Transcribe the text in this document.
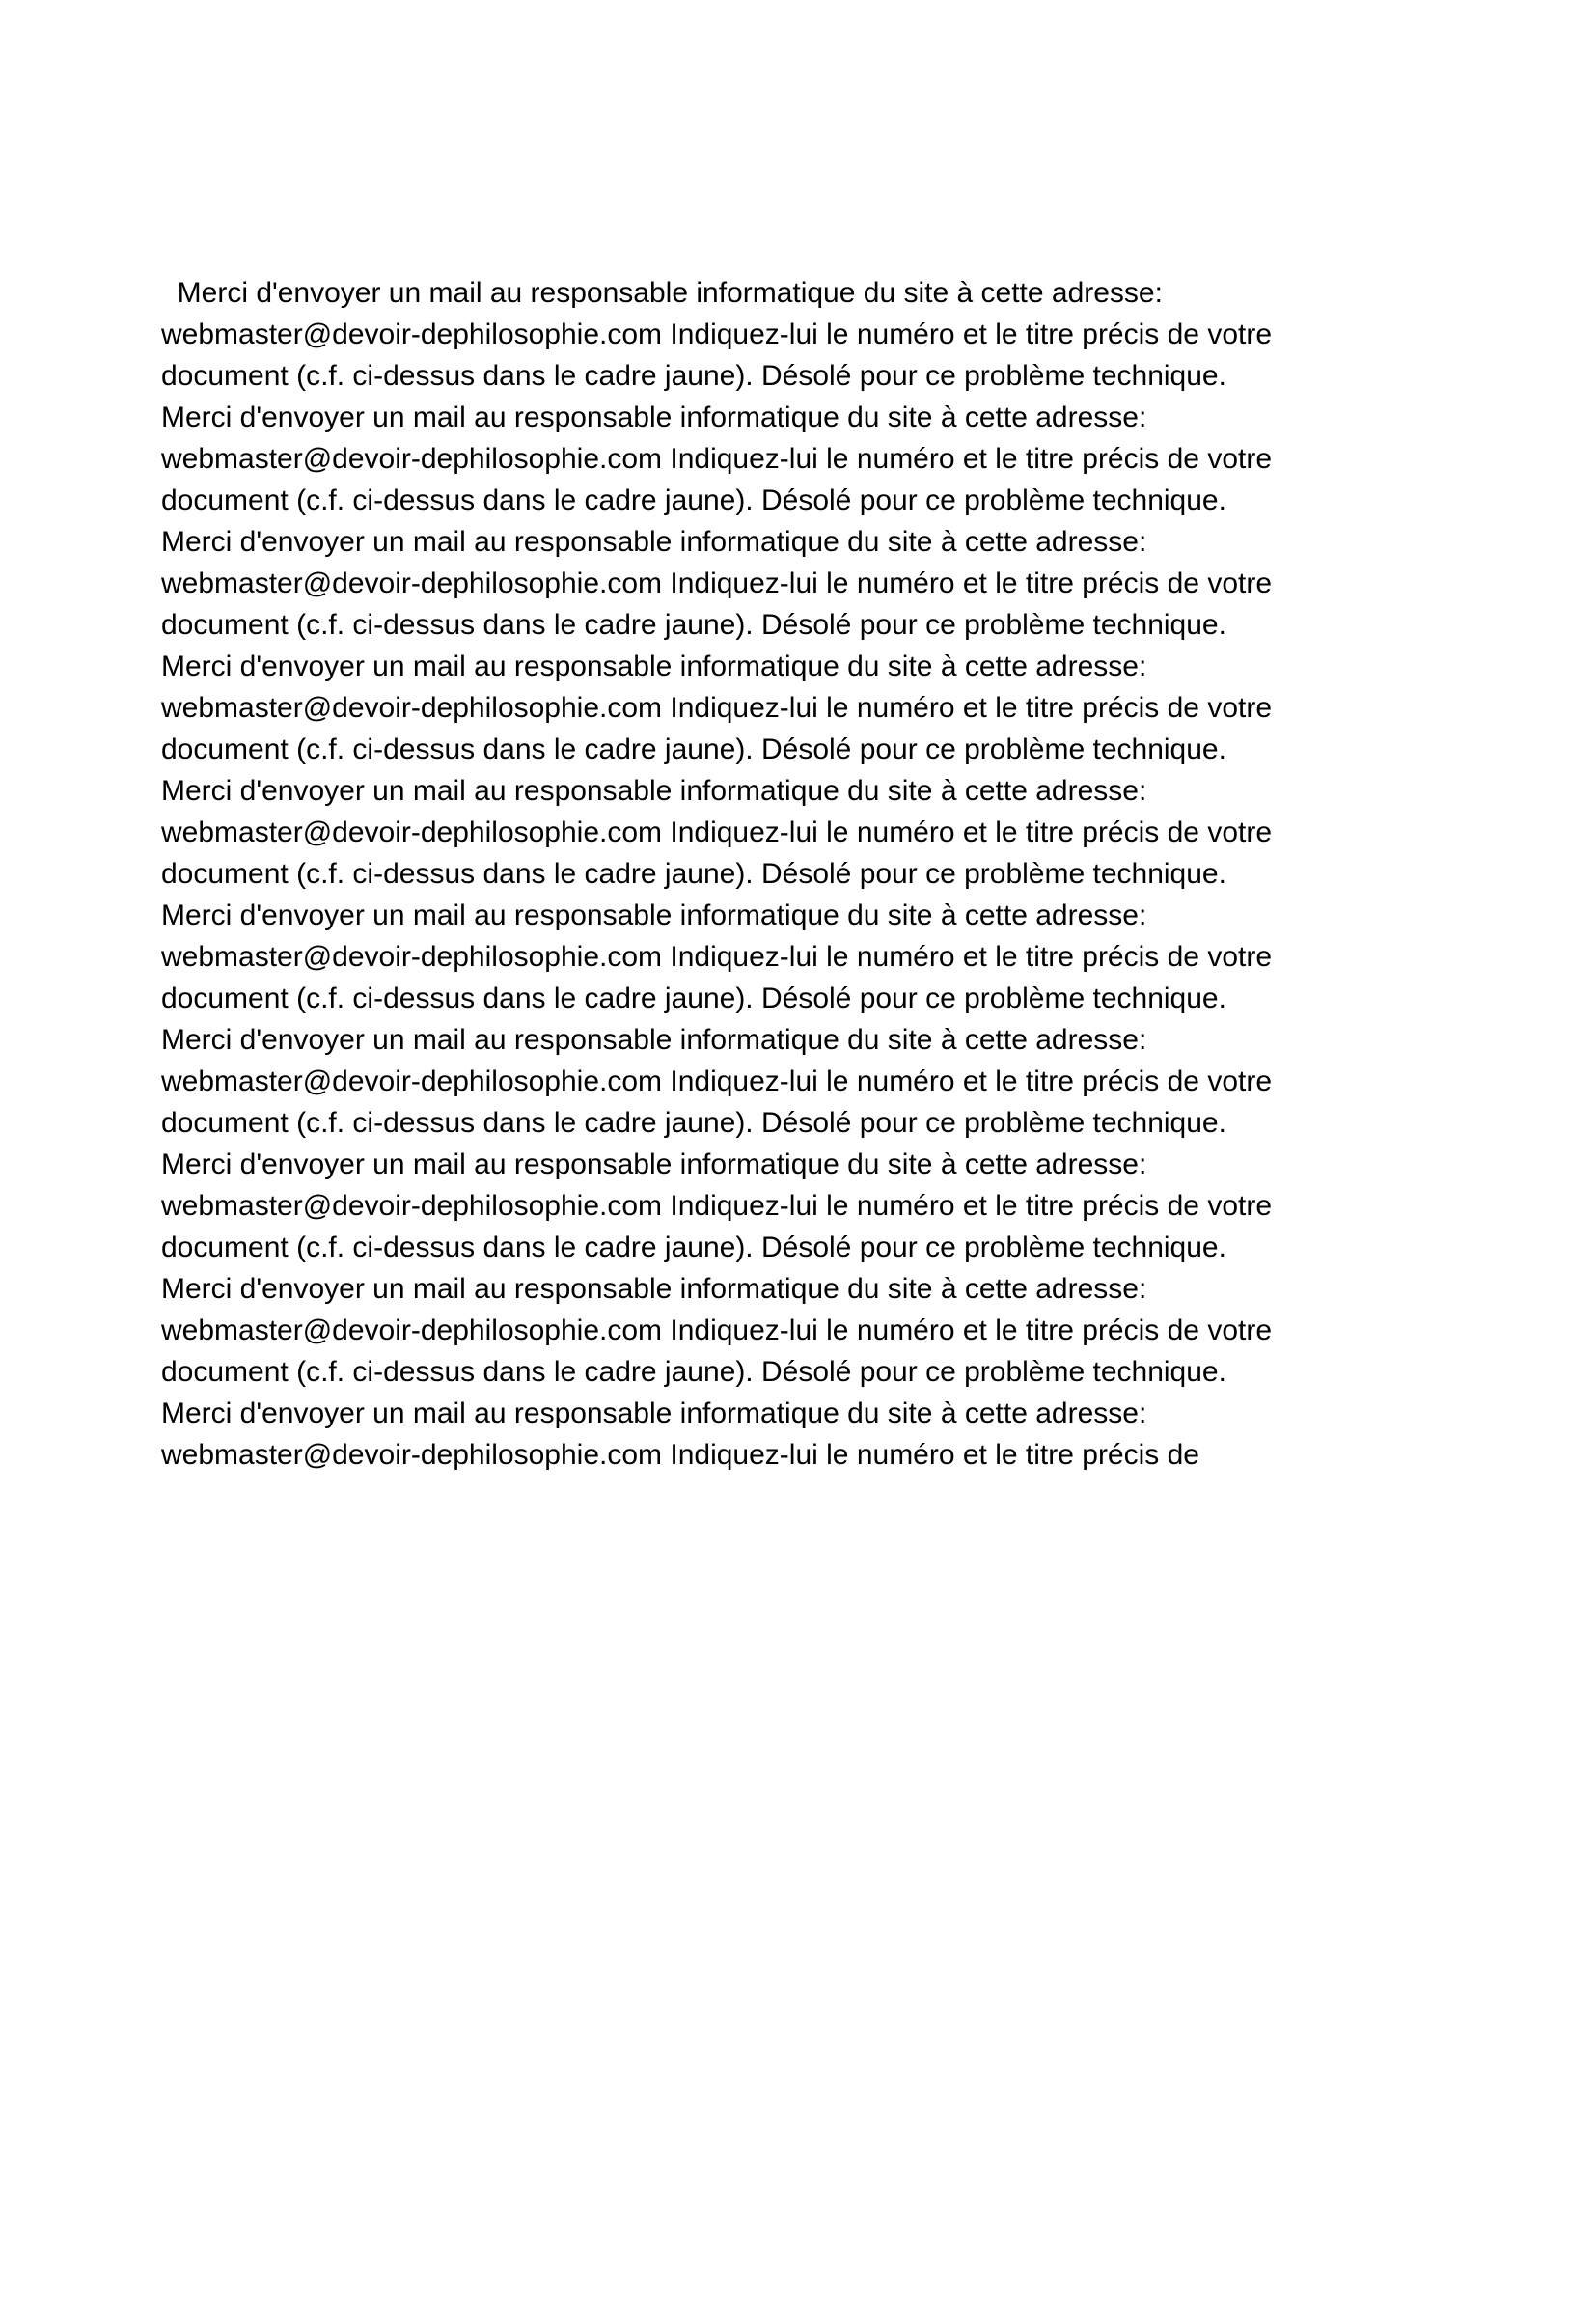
Merci d'envoyer un mail au responsable informatique du site à cette adresse:
webmaster@devoir-dephilosophie.com Indiquez-lui le numéro et le titre précis de votre
document (c.f. ci-dessus dans le cadre jaune). Désolé pour ce problème technique.
Merci d'envoyer un mail au responsable informatique du site à cette adresse:
webmaster@devoir-dephilosophie.com Indiquez-lui le numéro et le titre précis de votre
document (c.f. ci-dessus dans le cadre jaune). Désolé pour ce problème technique.
Merci d'envoyer un mail au responsable informatique du site à cette adresse:
webmaster@devoir-dephilosophie.com Indiquez-lui le numéro et le titre précis de votre
document (c.f. ci-dessus dans le cadre jaune). Désolé pour ce problème technique.
Merci d'envoyer un mail au responsable informatique du site à cette adresse:
webmaster@devoir-dephilosophie.com Indiquez-lui le numéro et le titre précis de votre
document (c.f. ci-dessus dans le cadre jaune). Désolé pour ce problème technique.
Merci d'envoyer un mail au responsable informatique du site à cette adresse:
webmaster@devoir-dephilosophie.com Indiquez-lui le numéro et le titre précis de votre
document (c.f. ci-dessus dans le cadre jaune). Désolé pour ce problème technique.
Merci d'envoyer un mail au responsable informatique du site à cette adresse:
webmaster@devoir-dephilosophie.com Indiquez-lui le numéro et le titre précis de votre
document (c.f. ci-dessus dans le cadre jaune). Désolé pour ce problème technique.
Merci d'envoyer un mail au responsable informatique du site à cette adresse:
webmaster@devoir-dephilosophie.com Indiquez-lui le numéro et le titre précis de votre
document (c.f. ci-dessus dans le cadre jaune). Désolé pour ce problème technique.
Merci d'envoyer un mail au responsable informatique du site à cette adresse:
webmaster@devoir-dephilosophie.com Indiquez-lui le numéro et le titre précis de votre
document (c.f. ci-dessus dans le cadre jaune). Désolé pour ce problème technique.
Merci d'envoyer un mail au responsable informatique du site à cette adresse:
webmaster@devoir-dephilosophie.com Indiquez-lui le numéro et le titre précis de votre
document (c.f. ci-dessus dans le cadre jaune). Désolé pour ce problème technique.
Merci d'envoyer un mail au responsable informatique du site à cette adresse:
webmaster@devoir-dephilosophie.com Indiquez-lui le numéro et le titre précis de
